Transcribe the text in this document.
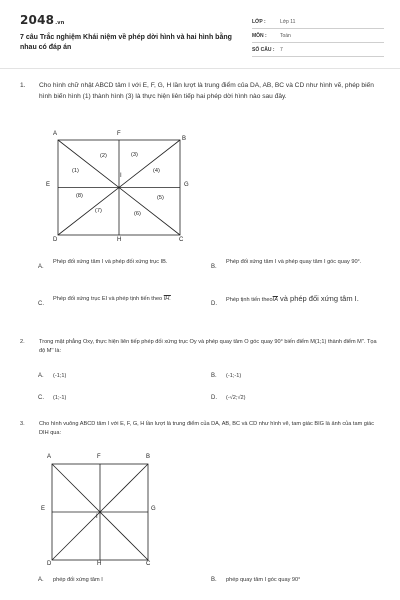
2048.vn
7 câu Trắc nghiệm Khái niệm về phép dời hình và hai hình bằng nhau có đáp án
LỚP :	Lớp 11
MÔN :	Toán
SỐ CÂU :	7
1. Cho hình chữ nhật ABCD tâm I với E, F, G, H lần lượt là trung điểm của DA, AB, BC và CD như hình vẽ, phép biến hình biến hình (1) thành hình (3) là thực hiện liên tiếp hai phép dời hình nào sau đây.
A	F
B
E
I
G
D	H	C
(1)
(2)	(3)
(4)
(5)
(6)
(7)
(8)
A.
Phép đối xứng tâm I và phép đối xứng trục IB.
B.
Phép đối xứng tâm I và phép quay tâm I góc quay 90°.
C.
Phép đối xứng trục EI và phép tịnh tiến theo IH.
D.
Phép tịnh tiến $theo\overline{IA}$ và phép đối xứng tâm I.
2.	Trong mặt phẳng Oxy, thực hiện liên tiếp phép đối xứng trục Oy và phép quay tâm O góc quay 90° biến điểm M(1;1) thành điểm M''. Tọa độ M'' là:
A. (-1;1)	B. (-1;-1)
C. (1;-1)	D. (-√2;√2)
3.	Cho hình vuông ABCD tâm I với E, F, G, H lần lượt là trung điểm của DA, AB, BC và CD như hình vẽ, tam giác BIG là ảnh của tam giác DIH qua:
A	F	B
E
I
G
D	H	C
A. phép đối xứng tâm I	B. phép quay tâm I góc quay 90°
